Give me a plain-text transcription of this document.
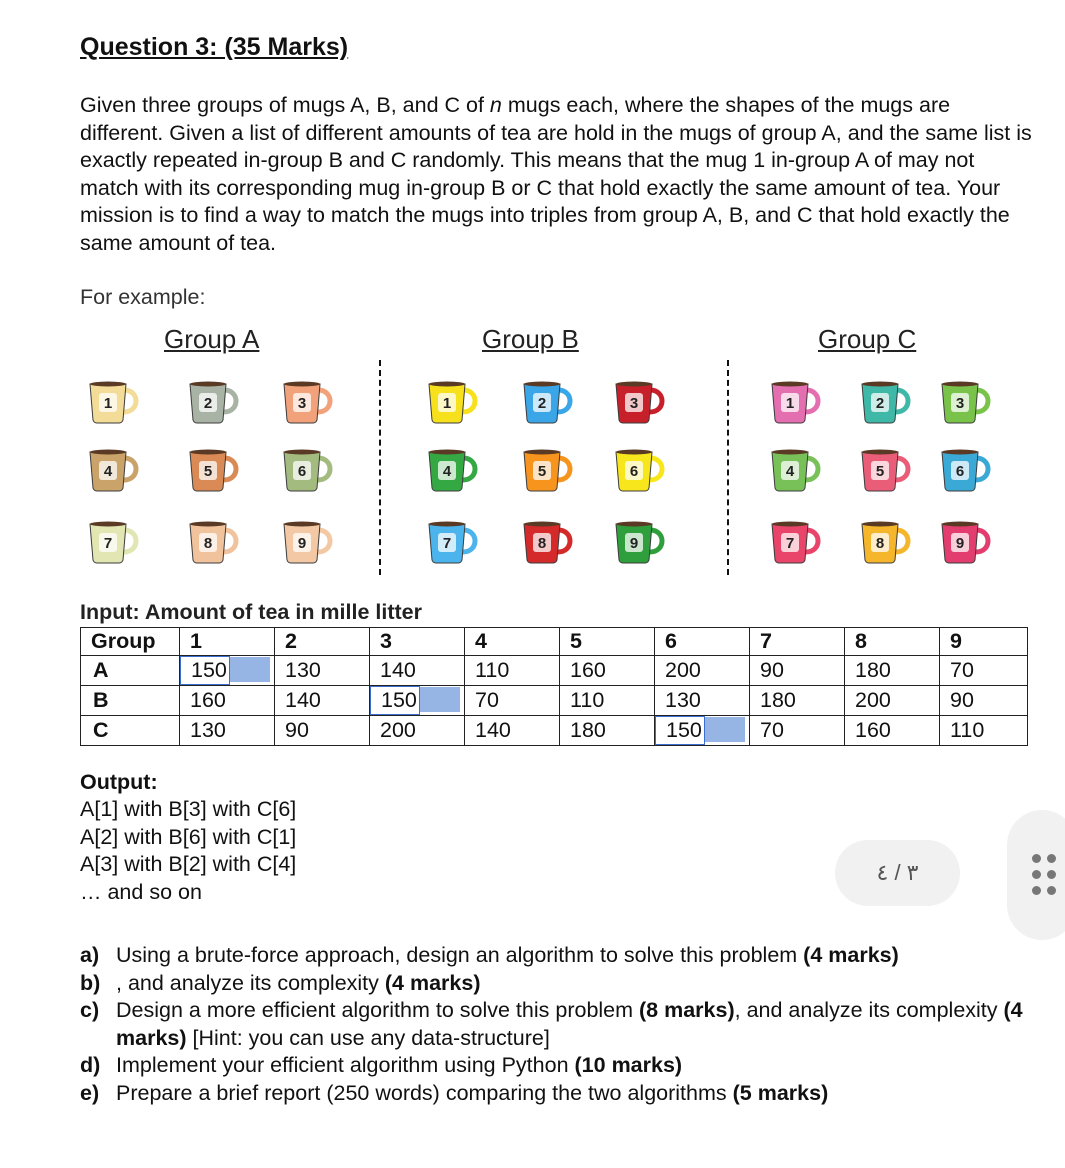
Question 3: (35 Marks)

Given three groups of mugs A, B, and C of n mugs each, where the shapes of the mugs are different. Given a list of different amounts of tea are hold in the mugs of group A, and the same list is exactly repeated in-group B and C randomly. This means that the mug 1 in-group A of may not match with its corresponding mug in-group B or C that hold exactly the same amount of tea. Your mission is to find a way to match the mugs into triples from group A, B, and C that hold exactly the same amount of tea.

For example:
Group A	Group B	Group C
1	2	3
4	5	6
7	8	9
1	2	3
4	5	6
7	8	9
1	2	3
4	5	6
7	8	9
Input: Amount of tea in mille litter
Group	1	2	3	4	5	6	7	8	9
A	150	130	140	110	160	200	90	180	70
B	160	140	150	70	110	130	180	200	90
C	130	90	200	140	180	150	70	160	110
Output:
A[1] with B[3] with C[6]
A[2] with B[6] with C[1]
A[3] with B[2] with C[4]
… and so on
٣ / ٤
a) Using a brute-force approach, design an algorithm to solve this problem (4 marks)
b) , and analyze its complexity (4 marks)
c) Design a more efficient algorithm to solve this problem (8 marks), and analyze its complexity (4 marks) [Hint: you can use any data-structure]
d) Implement your efficient algorithm using Python (10 marks)
e) Prepare a brief report (250 words) comparing the two algorithms (5 marks)
